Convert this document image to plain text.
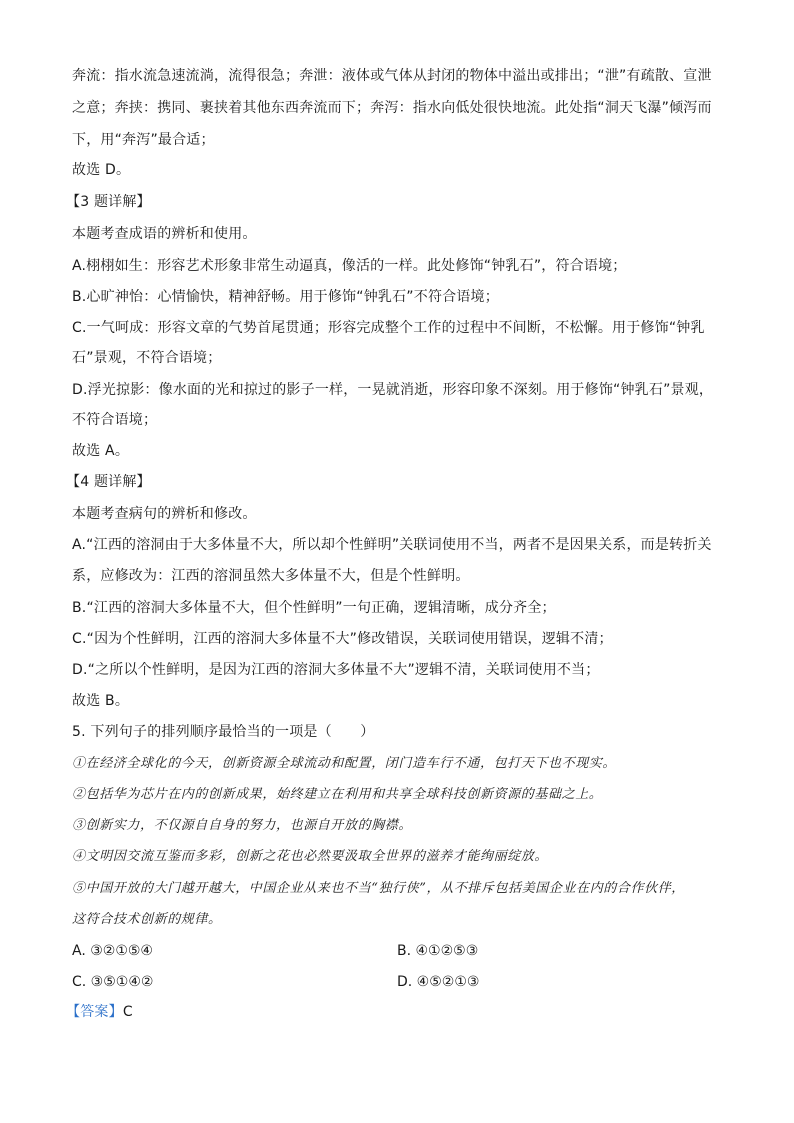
奔流：指水流急速流淌，流得很急；奔泄：液体或气体从封闭的物体中溢出或排出；“泄”有疏散、宣泄
之意；奔挟：携同、裹挟着其他东西奔流而下；奔泻：指水向低处很快地流。此处指“洞天飞瀑”倾泻而
下，用“奔泻”最合适；
故选 D。
【3 题详解】
本题考查成语的辨析和使用。
A.栩栩如生：形容艺术形象非常生动逼真，像活的一样。此处修饰“钟乳石”，符合语境；
B.心旷神怡：心情愉快，精神舒畅。用于修饰“钟乳石”不符合语境；
C.一气呵成：形容文章的气势首尾贯通；形容完成整个工作的过程中不间断，不松懈。用于修饰“钟乳
石”景观，不符合语境；
D.浮光掠影：像水面的光和掠过的影子一样，一晃就消逝，形容印象不深刻。用于修饰“钟乳石”景观，
不符合语境；
故选 A。
【4 题详解】
本题考查病句的辨析和修改。
A.“江西的溶洞由于大多体量不大，所以却个性鲜明”关联词使用不当，两者不是因果关系，而是转折关
系，应修改为：江西的溶洞虽然大多体量不大，但是个性鲜明。
B.“江西的溶洞大多体量不大，但个性鲜明”一句正确，逻辑清晰，成分齐全；
C.“因为个性鲜明，江西的溶洞大多体量不大”修改错误，关联词使用错误，逻辑不清；
D.“之所以个性鲜明，是因为江西的溶洞大多体量不大”逻辑不清，关联词使用不当；
故选 B。
5. 下列句子的排列顺序最恰当的一项是（　　）
①在经济全球化的今天，创新资源全球流动和配置，闭门造车行不通，包打天下也不现实。
②包括华为芯片在内的创新成果，始终建立在利用和共享全球科技创新资源的基础之上。
③创新实力，不仅源自自身的努力，也源自开放的胸襟。
④文明因交流互鉴而多彩，创新之花也必然要汲取全世界的滋养才能绚丽绽放。
⑤中国开放的大门越开越大，中国企业从来也不当“独行侠”，从不排斥包括美国企业在内的合作伙伴，
这符合技术创新的规律。
A. ③②①⑤④	B. ④①②⑤③
C. ③⑤①④②	D. ④⑤②①③
【答案】C
